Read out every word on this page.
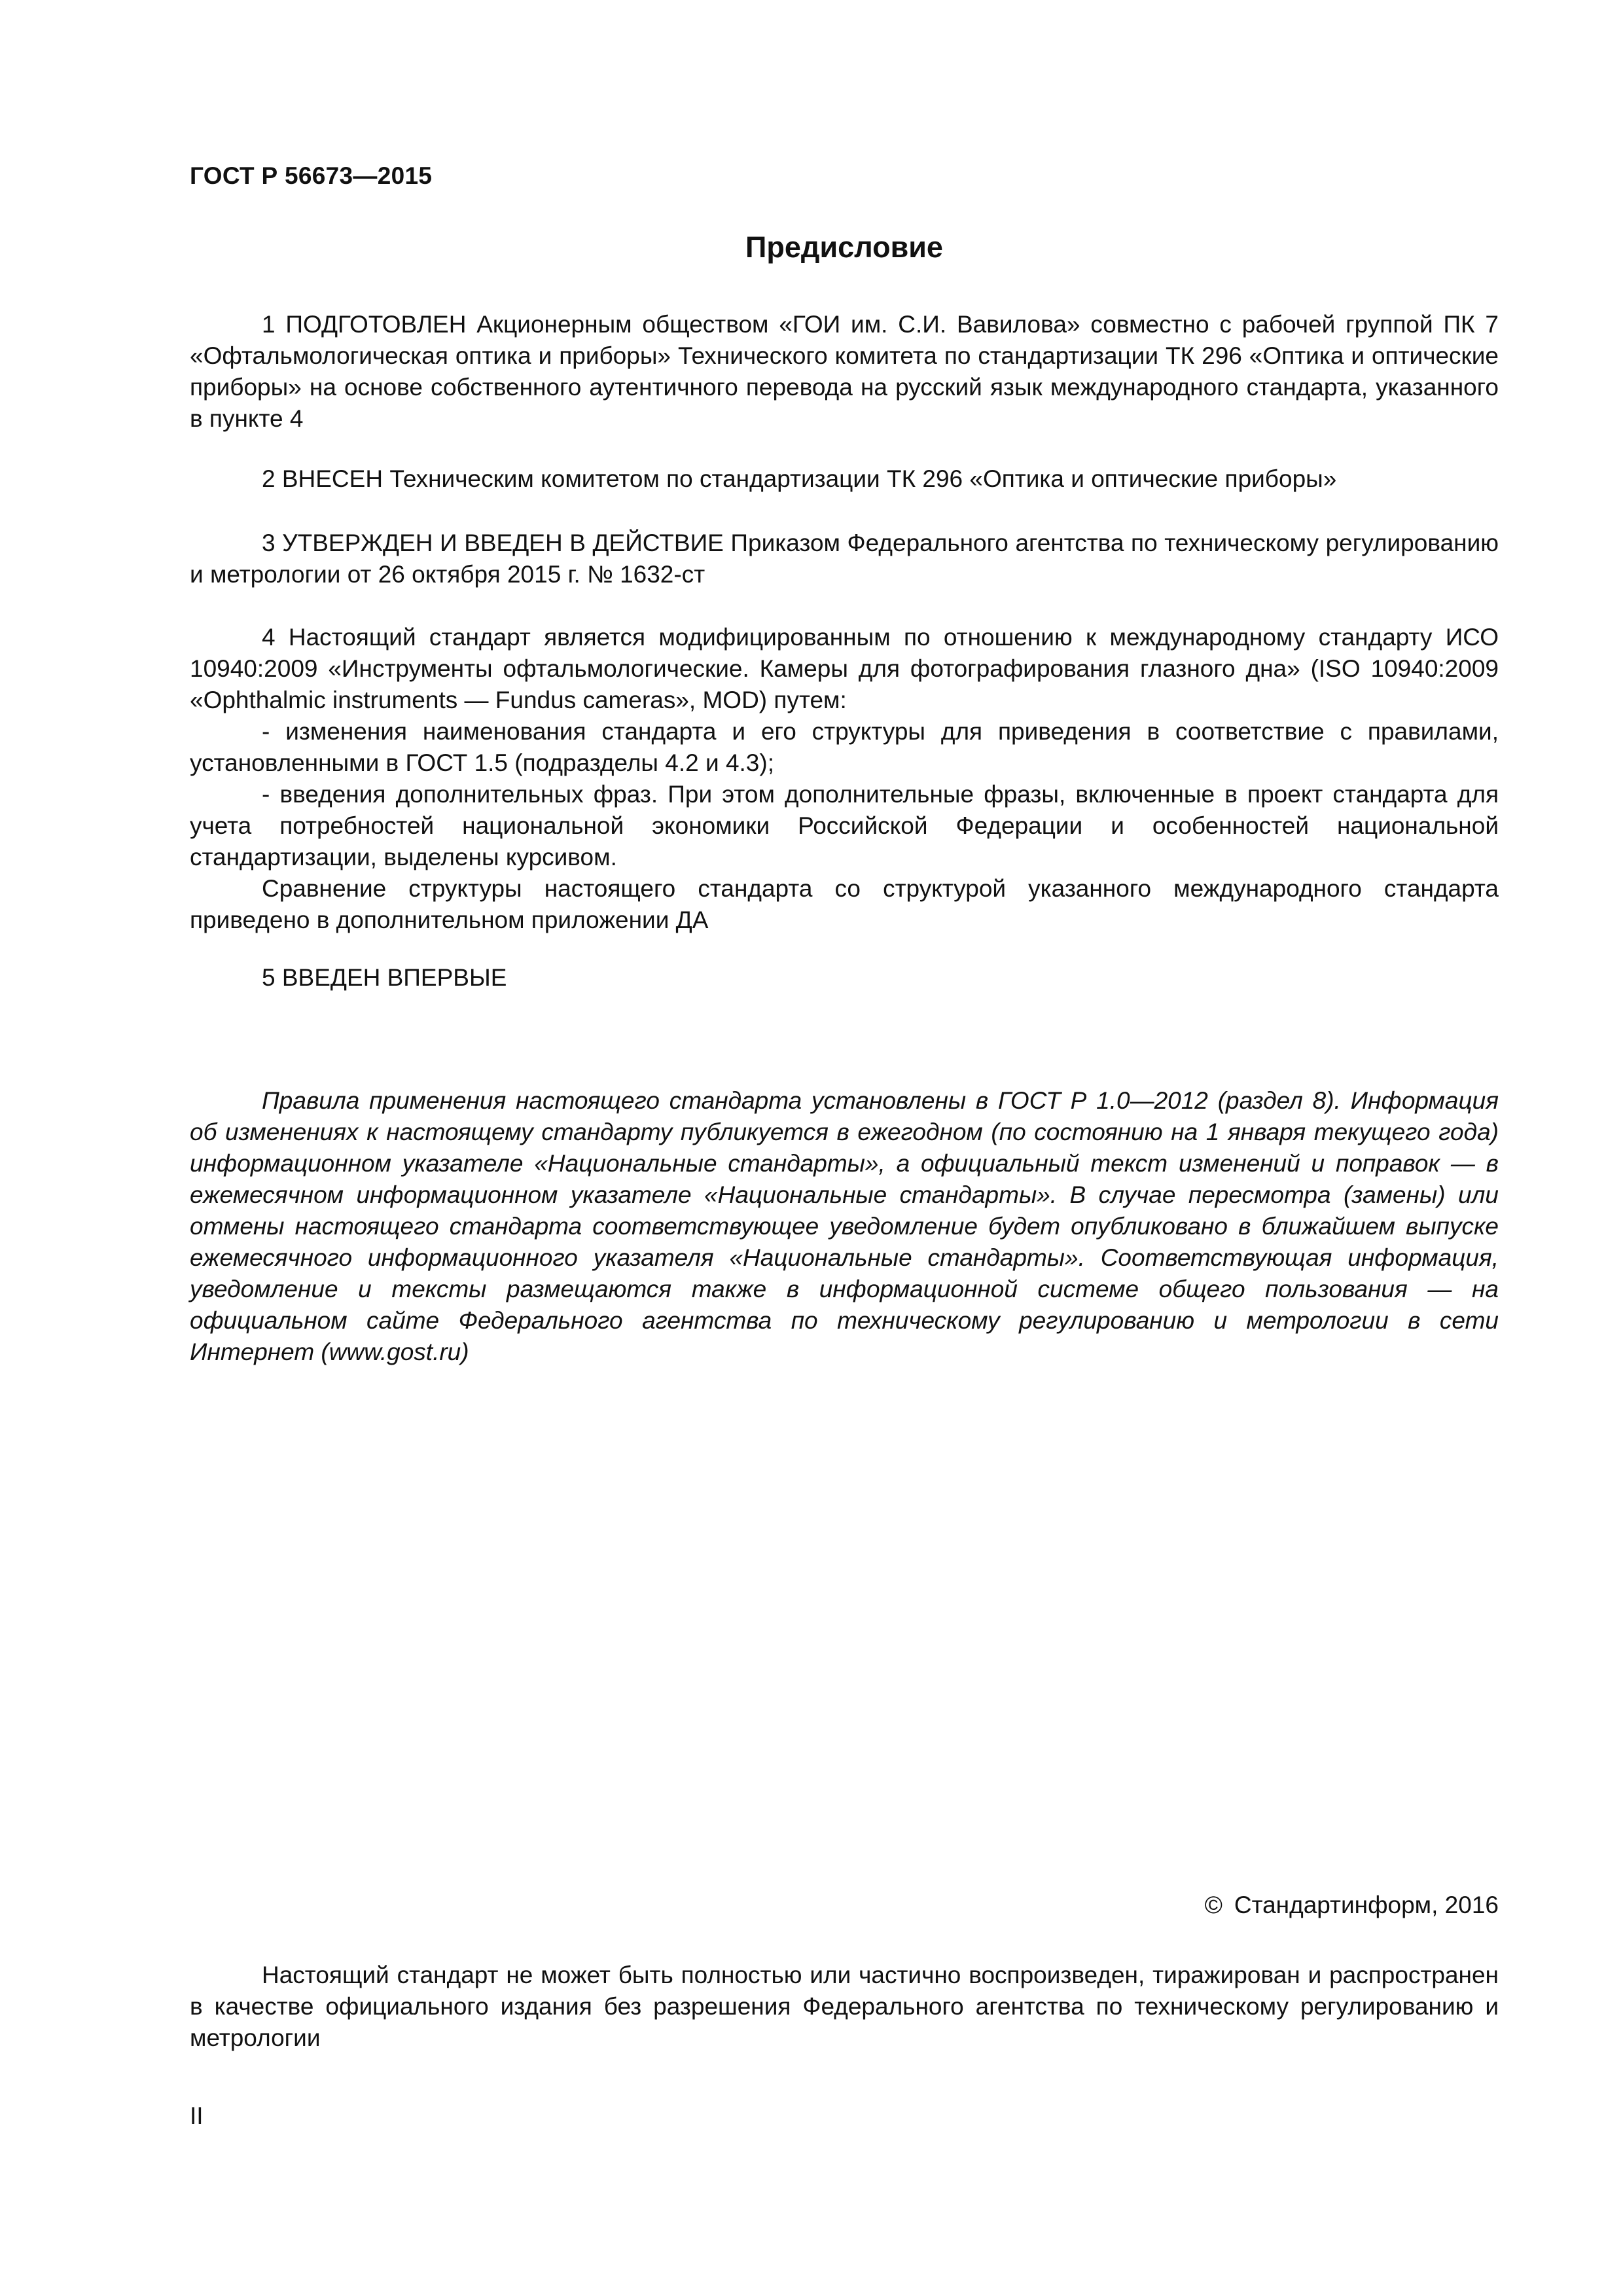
ГОСТ Р 56673—2015
Предисловие

1 ПОДГОТОВЛЕН Акционерным обществом «ГОИ им. С.И. Вавилова» совместно с рабочей группой ПК 7 «Офтальмологическая оптика и приборы» Технического комитета по стандартизации ТК 296 «Оптика и оптические приборы» на основе собственного аутентичного перевода на русский язык международного стандарта, указанного в пункте 4

2 ВНЕСЕН Техническим комитетом по стандартизации ТК 296 «Оптика и оптические приборы»

3 УТВЕРЖДЕН И ВВЕДЕН В ДЕЙСТВИЕ Приказом Федерального агентства по техническому регулированию и метрологии от 26 октября 2015 г. № 1632-ст

4 Настоящий стандарт является модифицированным по отношению к международному стандарту ИСО 10940:2009 «Инструменты офтальмологические. Камеры для фотографирования глазного дна» (ISO 10940:2009 «Ophthalmic instruments — Fundus cameras», MOD) путем:

- изменения наименования стандарта и его структуры для приведения в соответствие с правилами, установленными в ГОСТ 1.5 (подразделы 4.2 и 4.3);

- введения дополнительных фраз. При этом дополнительные фразы, включенные в проект стандарта для учета потребностей национальной экономики Российской Федерации и особенностей национальной стандартизации, выделены курсивом.

Сравнение структуры настоящего стандарта со структурой указанного международного стандарта приведено в дополнительном приложении ДА

5 ВВЕДЕН ВПЕРВЫЕ

Правила применения настоящего стандарта установлены в ГОСТ Р 1.0—2012 (раздел 8). Информация об изменениях к настоящему стандарту публикуется в ежегодном (по состоянию на 1 января текущего года) информационном указателе «Национальные стандарты», а официальный текст изменений и поправок — в ежемесячном информационном указателе «Национальные стандарты». В случае пересмотра (замены) или отмены настоящего стандарта соответствующее уведомление будет опубликовано в ближайшем выпуске ежемесячного информационного указателя «Национальные стандарты». Соответствующая информация, уведомление и тексты размещаются также в информационной системе общего пользования — на официальном сайте Федерального агентства по техническому регулированию и метрологии в сети Интернет (www.gost.ru)
© Стандартинформ, 2016
Настоящий стандарт не может быть полностью или частично воспроизведен, тиражирован и распространен в качестве официального издания без разрешения Федерального агентства по техническому регулированию и метрологии
II
